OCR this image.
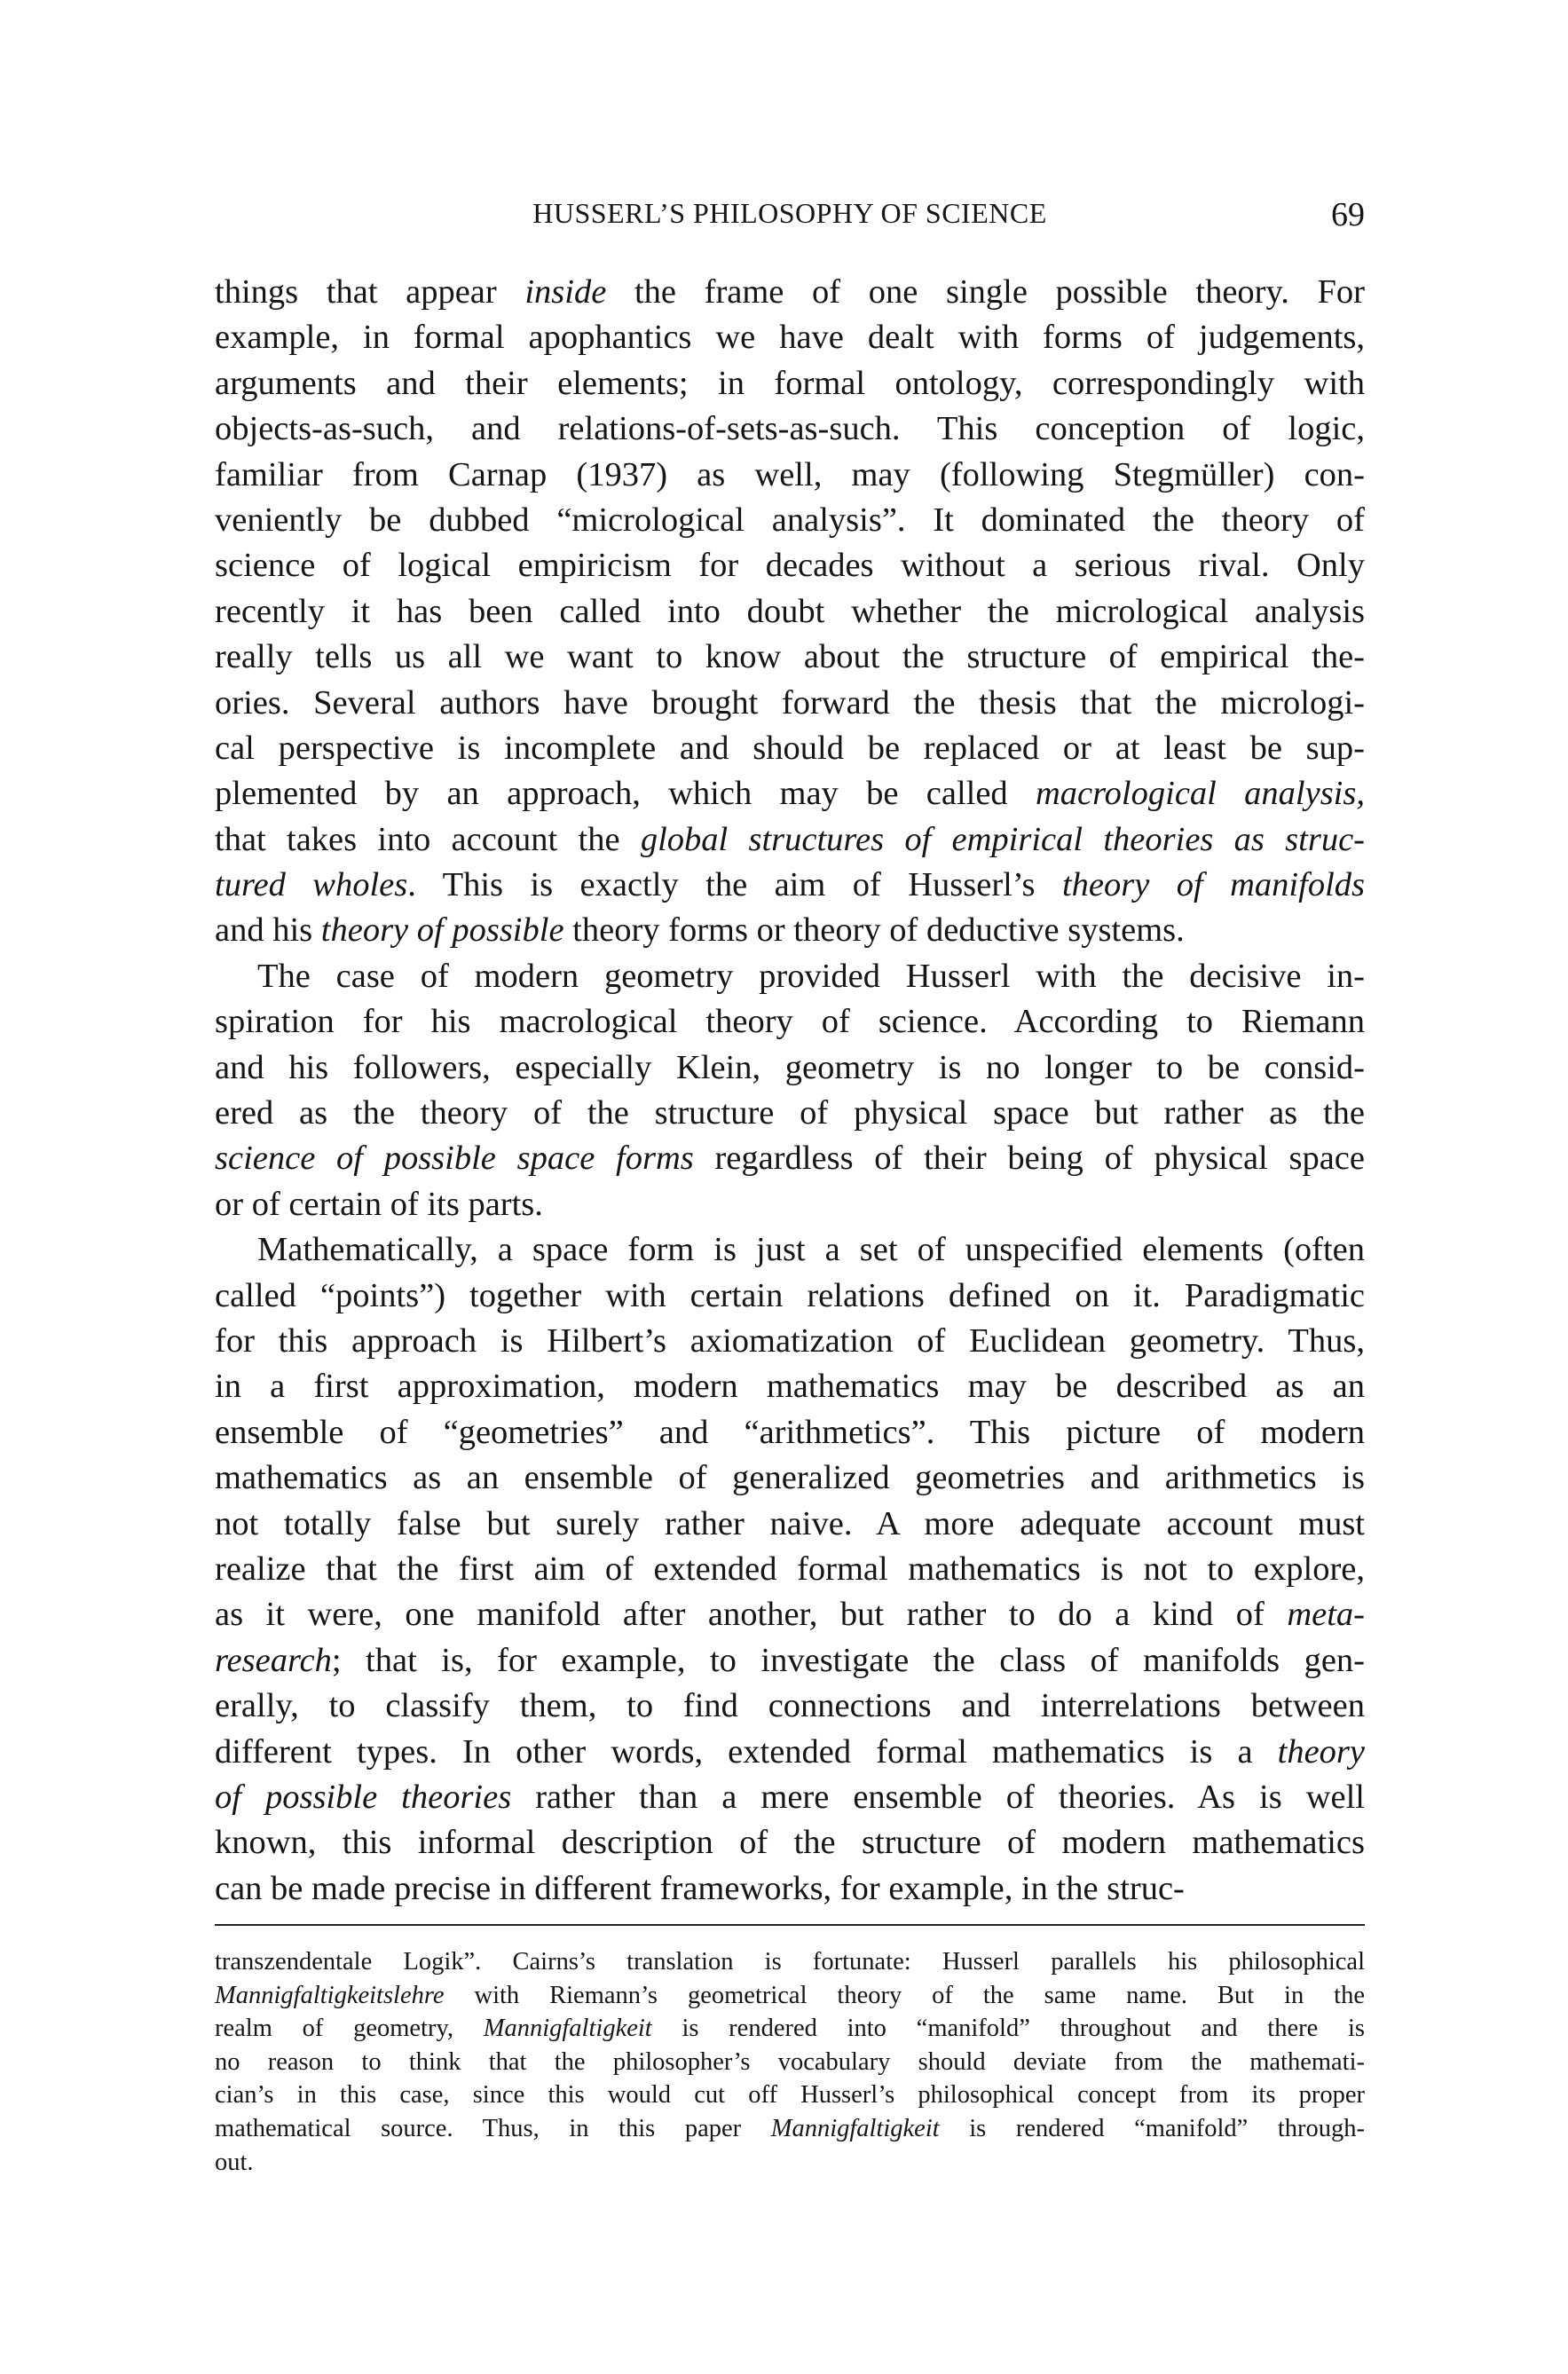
HUSSERL’S PHILOSOPHY OF SCIENCE	69
things that appear inside the frame of one single possible theory. For
example, in formal apophantics we have dealt with forms of judgements,
arguments and their elements; in formal ontology, correspondingly with
objects-as-such, and relations-of-sets-as-such. This conception of logic,
familiar from Carnap (1937) as well, may (following Stegmüller) con-
veniently be dubbed “micrological analysis”. It dominated the theory of
science of logical empiricism for decades without a serious rival. Only
recently it has been called into doubt whether the micrological analysis
really tells us all we want to know about the structure of empirical the-
ories. Several authors have brought forward the thesis that the micrologi-
cal perspective is incomplete and should be replaced or at least be sup-
plemented by an approach, which may be called macrological analysis,
that takes into account the global structures of empirical theories as struc-
tured wholes. This is exactly the aim of Husserl’s theory of manifolds
and his theory of possible theory forms or theory of deductive systems.
The case of modern geometry provided Husserl with the decisive in-
spiration for his macrological theory of science. According to Riemann
and his followers, especially Klein, geometry is no longer to be consid-
ered as the theory of the structure of physical space but rather as the
science of possible space forms regardless of their being of physical space
or of certain of its parts.
Mathematically, a space form is just a set of unspecified elements (often
called “points”) together with certain relations defined on it. Paradigmatic
for this approach is Hilbert’s axiomatization of Euclidean geometry. Thus,
in a first approximation, modern mathematics may be described as an
ensemble of “geometries” and “arithmetics”. This picture of modern
mathematics as an ensemble of generalized geometries and arithmetics is
not totally false but surely rather naive. A more adequate account must
realize that the first aim of extended formal mathematics is not to explore,
as it were, one manifold after another, but rather to do a kind of meta-
research; that is, for example, to investigate the class of manifolds gen-
erally, to classify them, to find connections and interrelations between
different types. In other words, extended formal mathematics is a theory
of possible theories rather than a mere ensemble of theories. As is well
known, this informal description of the structure of modern mathematics
can be made precise in different frameworks, for example, in the struc-
transzendentale Logik”. Cairns’s translation is fortunate: Husserl parallels his philosophical
Mannigfaltigkeitslehre with Riemann’s geometrical theory of the same name. But in the
realm of geometry, Mannigfaltigkeit is rendered into “manifold” throughout and there is
no reason to think that the philosopher’s vocabulary should deviate from the mathemati-
cian’s in this case, since this would cut off Husserl’s philosophical concept from its proper
mathematical source. Thus, in this paper Mannigfaltigkeit is rendered “manifold” through-
out.
